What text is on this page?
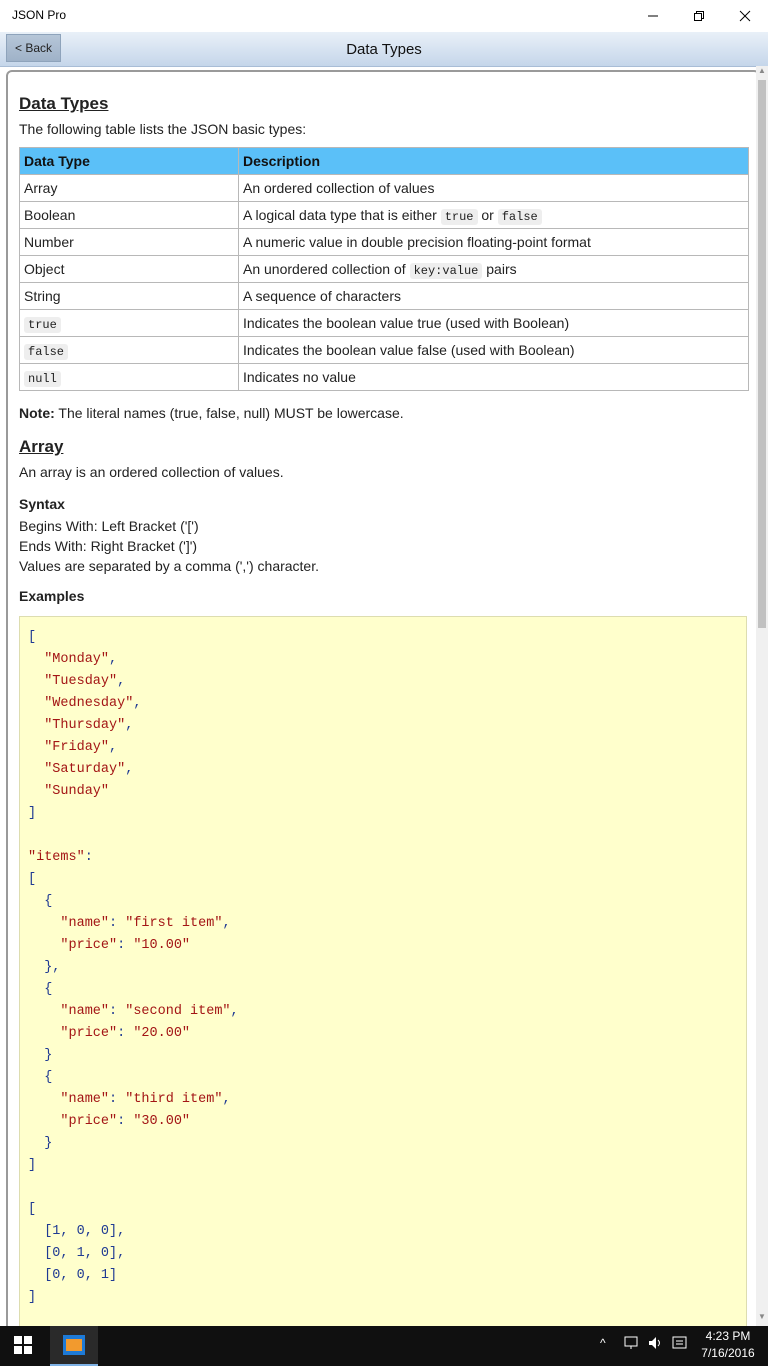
JSON Pro
< Back	Data Types
Data Types

The following table lists the JSON basic types:

Data Type	Description
Array	An ordered collection of values
Boolean	A logical data type that is either true or false
Number	A numeric value in double precision floating-point format
Object	An unordered collection of key:value pairs
String	A sequence of characters
true	Indicates the boolean value true (used with Boolean)
false	Indicates the boolean value false (used with Boolean)
null	Indicates no value

Note: The literal names (true, false, null) MUST be lowercase.

Array

An array is an ordered collection of values.

Syntax

Begins With: Left Bracket ('[')

Ends With: Right Bracket (']')

Values are separated by a comma (',') character.

Examples
[
"Monday",
"Tuesday",
"Wednesday",
"Thursday",
"Friday",
"Saturday",
"Sunday"
]

"items":
[
{
"name": "first item",
"price": "10.00"
},
{
"name": "second item",
"price": "20.00"
}
{
"name": "third item",
"price": "30.00"
}
]

[
[1, 0, 0],
[0, 1, 0],
[0, 0, 1]
]
▲
▼
^	4:23 PM
7/16/2016
